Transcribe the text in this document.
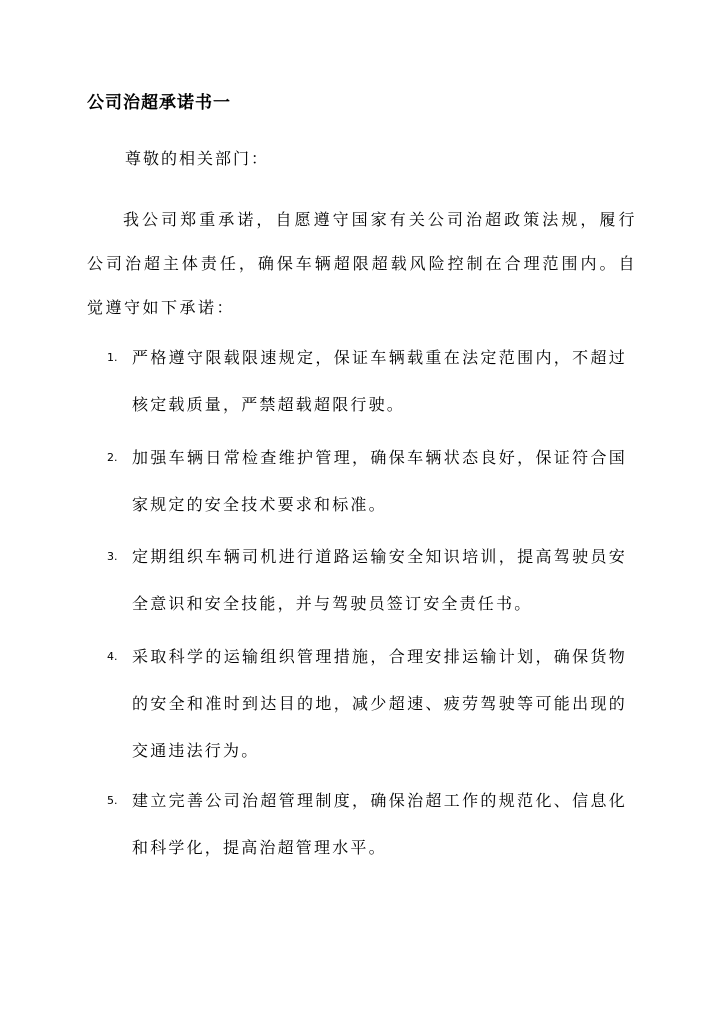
公司治超承诺书一
尊敬的相关部门：

我公司郑重承诺，自愿遵守国家有关公司治超政策法规，履行公司治超主体责任，确保车辆超限超载风险控制在合理范围内。自觉遵守如下承诺：

1. 严格遵守限载限速规定，保证车辆载重在法定范围内，不超过核定载质量，严禁超载超限行驶。
2. 加强车辆日常检查维护管理，确保车辆状态良好，保证符合国家规定的安全技术要求和标准。
3. 定期组织车辆司机进行道路运输安全知识培训，提高驾驶员安全意识和安全技能，并与驾驶员签订安全责任书。
4. 采取科学的运输组织管理措施，合理安排运输计划，确保货物的安全和准时到达目的地，减少超速、疲劳驾驶等可能出现的交通违法行为。
5. 建立完善公司治超管理制度，确保治超工作的规范化、信息化和科学化，提高治超管理水平。
